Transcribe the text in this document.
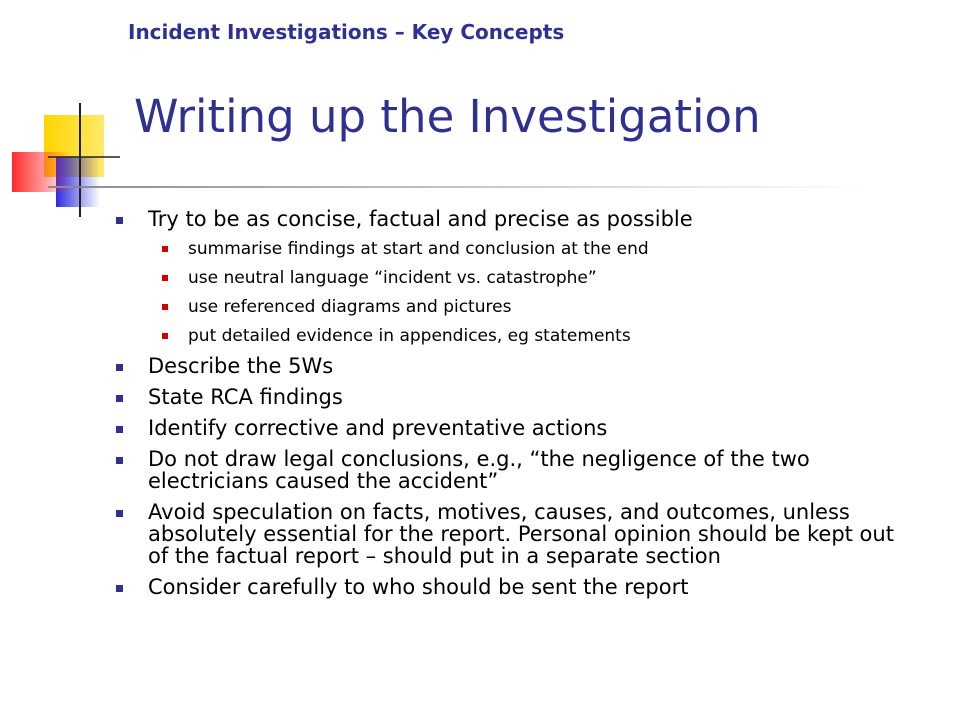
Incident Investigations – Key Concepts
Writing up the Investigation
Try to be as concise, factual and precise as possible
summarise findings at start and conclusion at the end
use neutral language “incident vs. catastrophe”
use referenced diagrams and pictures
put detailed evidence in appendices, eg statements
Describe the 5Ws
State RCA findings
Identify corrective and preventative actions
Do not draw legal conclusions, e.g., “the negligence of the two electricians caused the accident”
Avoid speculation on facts, motives, causes, and outcomes, unless absolutely essential for the report. Personal opinion should be kept out of the factual report – should put in a separate section
Consider carefully to who should be sent the report
